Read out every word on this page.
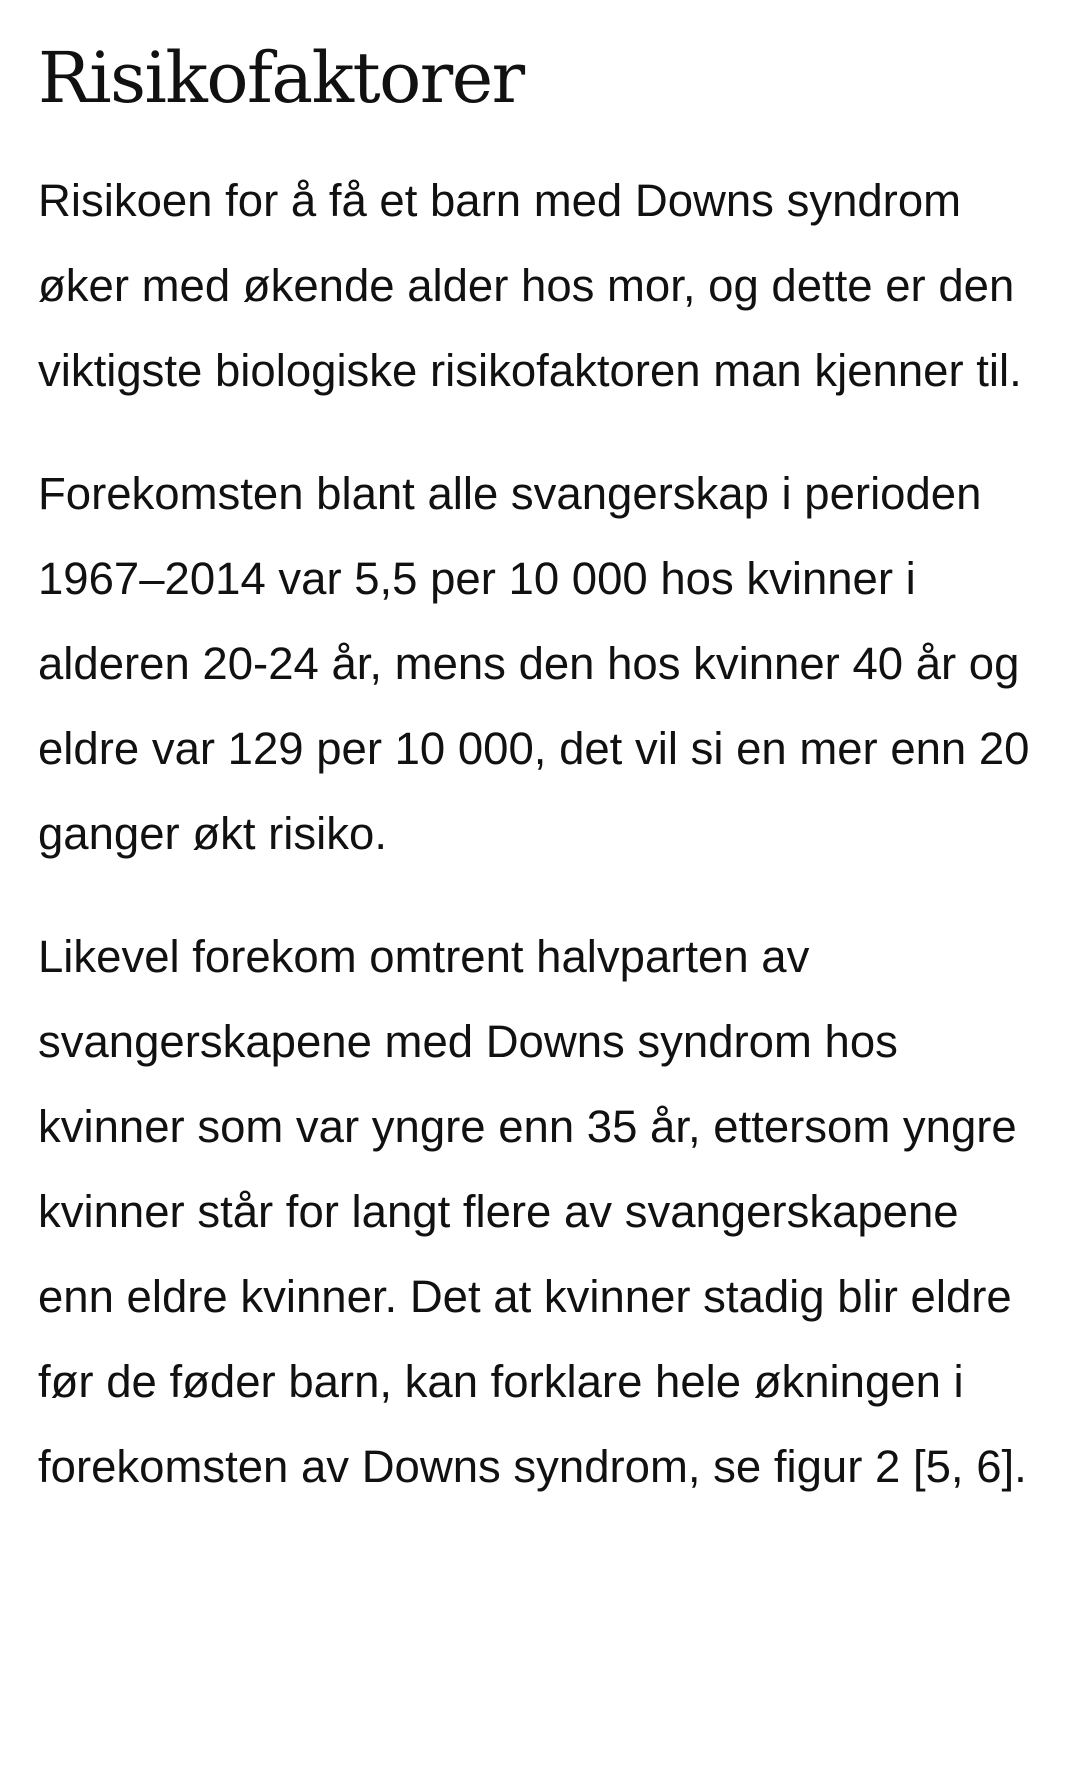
Risikofaktorer

Risikoen for å få et barn med Downs syndrom øker med økende alder hos mor, og dette er den viktigste biologiske risikofaktoren man kjenner til.

Forekomsten blant alle svangerskap i perioden 1967–2014 var 5,5 per 10 000 hos kvinner i alderen 20-24 år, mens den hos kvinner 40 år og eldre var 129 per 10 000, det vil si en mer enn 20 ganger økt risiko.

Likevel forekom omtrent halvparten av svangerskapene med Downs syndrom hos kvinner som var yngre enn 35 år, ettersom yngre kvinner står for langt flere av svangerskapene enn eldre kvinner. Det at kvinner stadig blir eldre før de føder barn, kan forklare hele økningen i forekomsten av Downs syndrom, se figur 2 [5, 6].
